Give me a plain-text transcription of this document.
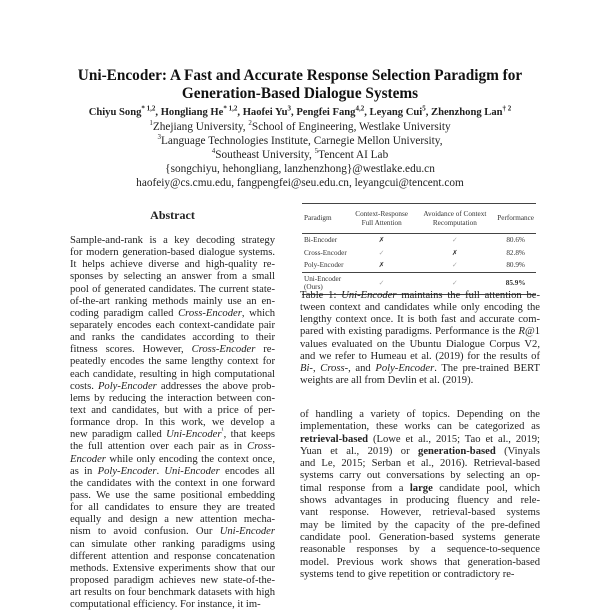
Uni-Encoder: A Fast and Accurate Response Selection Paradigm for
Generation-Based Dialogue Systems
Chiyu Song$^{* 1,2}$, Hongliang He$^{* 1,2}$, Haofei Yu$^3$, Pengfei Fang$^{4,2}$, Leyang Cui$^5$, Zhenzhong Lan$^{\dagger 2}$
$^1$Zhejiang University, $^2$School of Engineering, Westlake University
$^3$Language Technologies Institute, Carnegie Mellon University,
$^4$Southeast University, $^5$Tencent AI Lab
{songchiyu, hehongliang, lanzhenzhong}@westlake.edu.cn
haofeiy@cs.cmu.edu, fangpengfei@seu.edu.cn, leyangcui@tencent.com
Abstract
Sample-and-rank is a key decoding strategy
for modern generation-based dialogue systems.
It helps achieve diverse and high-quality re-
sponses by selecting an answer from a small
pool of generated candidates. The current state-
of-the-art ranking methods mainly use an en-
coding paradigm called Cross-Encoder, which
separately encodes each context-candidate pair
and ranks the candidates according to their
fitness scores. However, Cross-Encoder re-
peatedly encodes the same lengthy context for
each candidate, resulting in high computational
costs. Poly-Encoder addresses the above prob-
lems by reducing the interaction between con-
text and candidates, but with a price of per-
formance drop. In this work, we develop a
new paradigm called Uni-Encoder$^{^1}$, that keeps
the full attention over each pair as in Cross-
Encoder while only encoding the context once,
as in Poly-Encoder. Uni-Encoder encodes all
the candidates with the context in one forward
pass. We use the same positional embedding
for all candidates to ensure they are treated
equally and design a new attention mecha-
nism to avoid confusion. Our Uni-Encoder
can simulate other ranking paradigms using
different attention and response concatenation
methods. Extensive experiments show that our
proposed paradigm achieves new state-of-the-
art results on four benchmark datasets with high
computational efficiency. For instance, it im-
Paradigm	Context-Response Full Attention	Avoidance of Context Recomputation	Performance
Bi-Encoder	✗	✓	80.6%
Cross-Encoder	✓	✗	82.8%
Poly-Encoder	✗	✓	80.9%
Uni-Encoder (Ours)	✓	✓	85.9%
Table 1: Uni-Encoder maintains the full attention be-
tween context and candidates while only encoding the
lengthy context once. It is both fast and accurate com-
pared with existing paradigms. Performance is the R@1
values evaluated on the Ubuntu Dialogue Corpus V2,
and we refer to Humeau et al. (2019) for the results of
Bi-, Cross-, and Poly-Encoder. The pre-trained BERT
weights are all from Devlin et al. (2019).
of handling a variety of topics. Depending on the
implementation, these works can be categorized as
retrieval-based (Lowe et al., 2015; Tao et al., 2019;
Yuan et al., 2019) or generation-based (Vinyals
and Le, 2015; Serban et al., 2016). Retrieval-based
systems carry out conversations by selecting an op-
timal response from a large candidate pool, which
shows advantages in producing fluency and rele-
vant response. However, retrieval-based systems
may be limited by the capacity of the pre-defined
candidate pool. Generation-based systems generate
reasonable responses by a sequence-to-sequence
model. Previous work shows that generation-based
systems tend to give repetition or contradictory re-
